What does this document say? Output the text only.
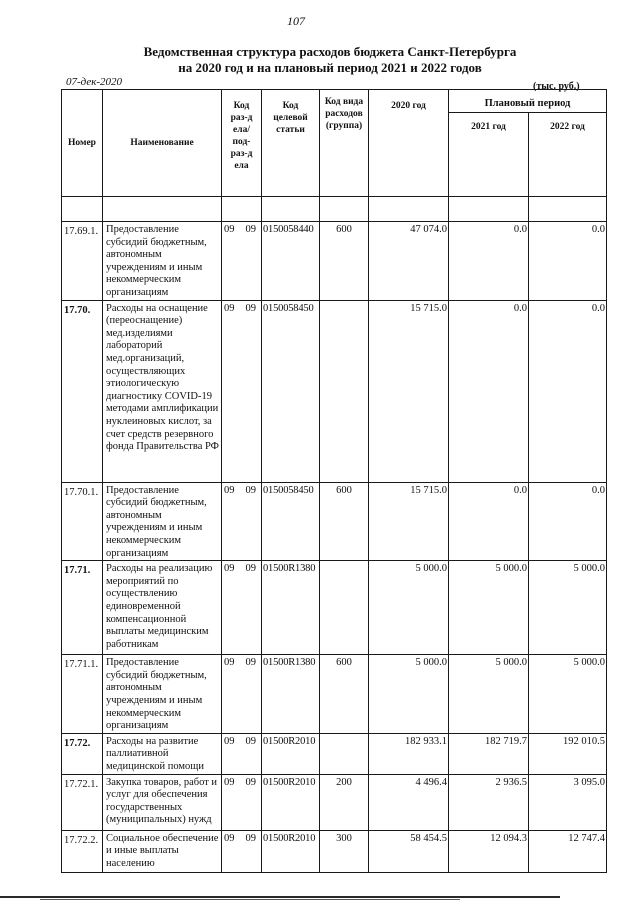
107
Ведомственная структура расходов бюджета Санкт-Петербурга
на 2020 год и на плановый период 2021 и 2022 годов
07-дек-2020	(тыс. руб.)
Номер	Наименование	Код раз-дела/ под-раз-дела	Код целевой статьи	Код вида расходов (группа)	2020 год	Плановый период	
						2021 год	2022 год

17.69.1.	Предоставление субсидий бюджетным, автономным учреждениям и иным некоммерческим организациям	09 09	0150058440	600	47 074.0	0.0	0.0
17.70.	Расходы на оснащение (переоснащение) мед.изделиями лабораторий мед.организаций, осуществляющих этиологическую диагностику COVID-19 методами амплификации нуклеиновых кислот, за счет средств резервного фонда Правительства РФ	09 09	0150058450		15 715.0	0.0	0.0
17.70.1.	Предоставление субсидий бюджетным, автономным учреждениям и иным некоммерческим организациям	09 09	0150058450	600	15 715.0	0.0	0.0
17.71.	Расходы на реализацию мероприятий по осуществлению единовременной компенсационной выплаты медицинским работникам	09 09	01500R1380		5 000.0	5 000.0	5 000.0
17.71.1.	Предоставление субсидий бюджетным, автономным учреждениям и иным некоммерческим организациям	09 09	01500R1380	600	5 000.0	5 000.0	5 000.0
17.72.	Расходы на развитие паллиативной медицинской помощи	09 09	01500R2010		182 933.1	182 719.7	192 010.5
17.72.1.	Закупка товаров, работ и услуг для обеспечения государственных (муниципальных) нужд	09 09	01500R2010	200	4 496.4	2 936.5	3 095.0
17.72.2.	Социальное обеспечение и иные выплаты населению	09 09	01500R2010	300	58 454.5	12 094.3	12 747.4
